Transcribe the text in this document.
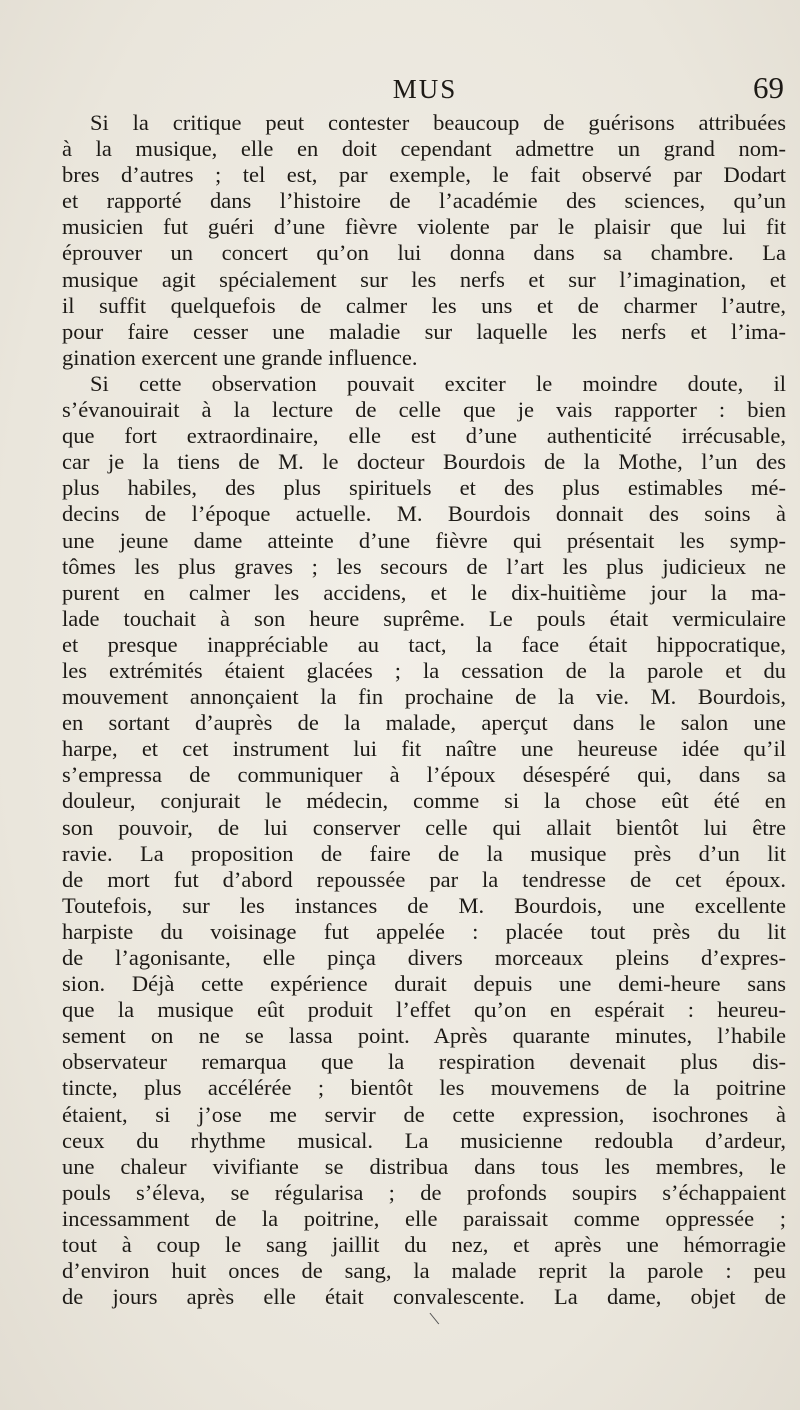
MUS	69
Si la critique peut contester beaucoup de guérisons attribuées
à la musique, elle en doit cependant admettre un grand nom-
bres d’autres ; tel est, par exemple, le fait observé par Dodart
et rapporté dans l’histoire de l’académie des sciences, qu’un
musicien fut guéri d’une fièvre violente par le plaisir que lui fit
éprouver un concert qu’on lui donna dans sa chambre. La
musique agit spécialement sur les nerfs et sur l’imagination, et
il suffit quelquefois de calmer les uns et de charmer l’autre,
pour faire cesser une maladie sur laquelle les nerfs et l’ima-
gination exercent une grande influence.
Si cette observation pouvait exciter le moindre doute, il
s’évanouirait à la lecture de celle que je vais rapporter : bien
que fort extraordinaire, elle est d’une authenticité irrécusable,
car je la tiens de M. le docteur Bourdois de la Mothe, l’un des
plus habiles, des plus spirituels et des plus estimables mé-
decins de l’époque actuelle. M. Bourdois donnait des soins à
une jeune dame atteinte d’une fièvre qui présentait les symp-
tômes les plus graves ; les secours de l’art les plus judicieux ne
purent en calmer les accidens, et le dix-huitième jour la ma-
lade touchait à son heure suprême. Le pouls était vermiculaire
et presque inappréciable au tact, la face était hippocratique,
les extrémités étaient glacées ; la cessation de la parole et du
mouvement annonçaient la fin prochaine de la vie. M. Bourdois,
en sortant d’auprès de la malade, aperçut dans le salon une
harpe, et cet instrument lui fit naître une heureuse idée qu’il
s’empressa de communiquer à l’époux désespéré qui, dans sa
douleur, conjurait le médecin, comme si la chose eût été en
son pouvoir, de lui conserver celle qui allait bientôt lui être
ravie. La proposition de faire de la musique près d’un lit
de mort fut d’abord repoussée par la tendresse de cet époux.
Toutefois, sur les instances de M. Bourdois, une excellente
harpiste du voisinage fut appelée : placée tout près du lit
de l’agonisante, elle pinça divers morceaux pleins d’expres-
sion. Déjà cette expérience durait depuis une demi-heure sans
que la musique eût produit l’effet qu’on en espérait : heureu-
sement on ne se lassa point. Après quarante minutes, l’habile
observateur remarqua que la respiration devenait plus dis-
tincte, plus accélérée ; bientôt les mouvemens de la poitrine
étaient, si j’ose me servir de cette expression, isochrones à
ceux du rhythme musical. La musicienne redoubla d’ardeur,
une chaleur vivifiante se distribua dans tous les membres, le
pouls s’éleva, se régularisa ; de profonds soupirs s’échappaient
incessamment de la poitrine, elle paraissait comme oppressée ;
tout à coup le sang jaillit du nez, et après une hémorragie
d’environ huit onces de sang, la malade reprit la parole : peu
de jours après elle était convalescente. La dame, objet de
\
